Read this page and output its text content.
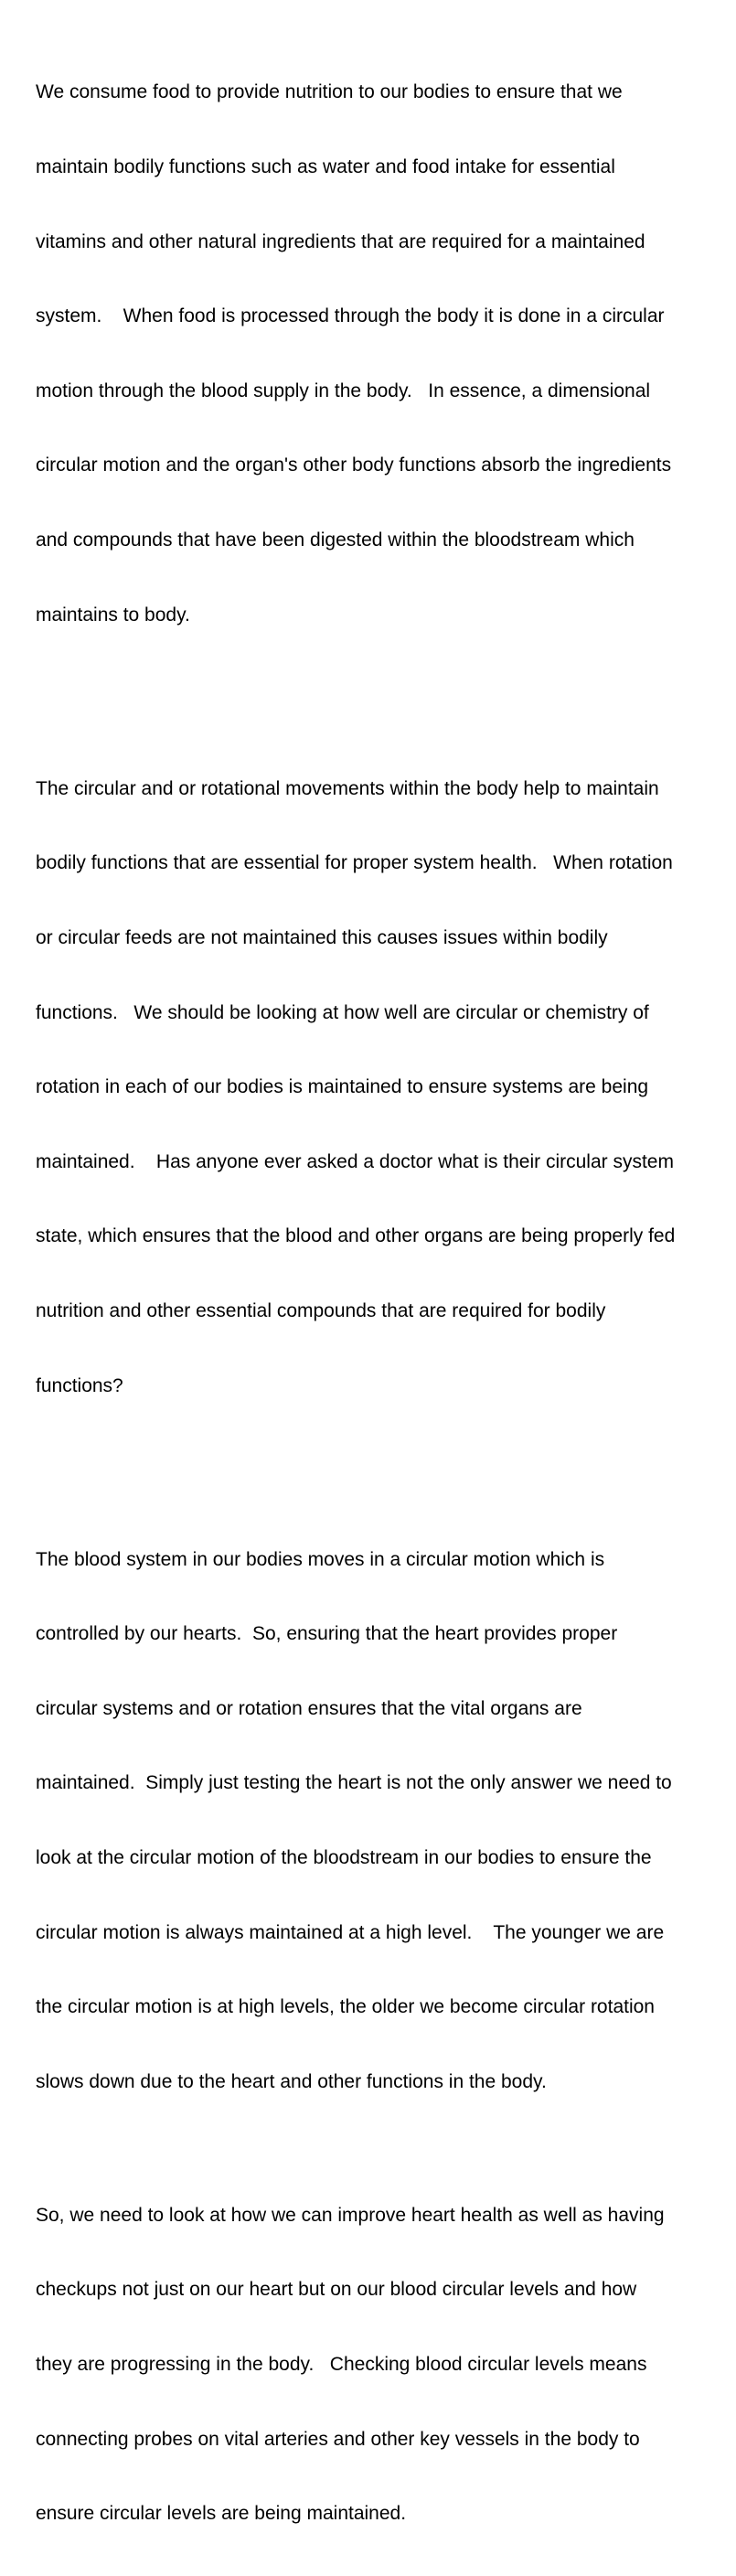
We consume food to provide nutrition to our bodies to ensure that we

maintain bodily functions such as water and food intake for essential

vitamins and other natural ingredients that are required for a maintained

system.    When food is processed through the body it is done in a circular

motion through the blood supply in the body.   In essence, a dimensional

circular motion and the organ's other body functions absorb the ingredients

and compounds that have been digested within the bloodstream which

maintains to body.

The circular and or rotational movements within the body help to maintain

bodily functions that are essential for proper system health.   When rotation

or circular feeds are not maintained this causes issues within bodily

functions.   We should be looking at how well are circular or chemistry of

rotation in each of our bodies is maintained to ensure systems are being

maintained.    Has anyone ever asked a doctor what is their circular system

state, which ensures that the blood and other organs are being properly fed

nutrition and other essential compounds that are required for bodily

functions?

The blood system in our bodies moves in a circular motion which is

controlled by our hearts.  So, ensuring that the heart provides proper

circular systems and or rotation ensures that the vital organs are

maintained.  Simply just testing the heart is not the only answer we need to

look at the circular motion of the bloodstream in our bodies to ensure the

circular motion is always maintained at a high level.    The younger we are

the circular motion is at high levels, the older we become circular rotation

slows down due to the heart and other functions in the body.

So, we need to look at how we can improve heart health as well as having

checkups not just on our heart but on our blood circular levels and how

they are progressing in the body.   Checking blood circular levels means

connecting probes on vital arteries and other key vessels in the body to

ensure circular levels are being maintained.
